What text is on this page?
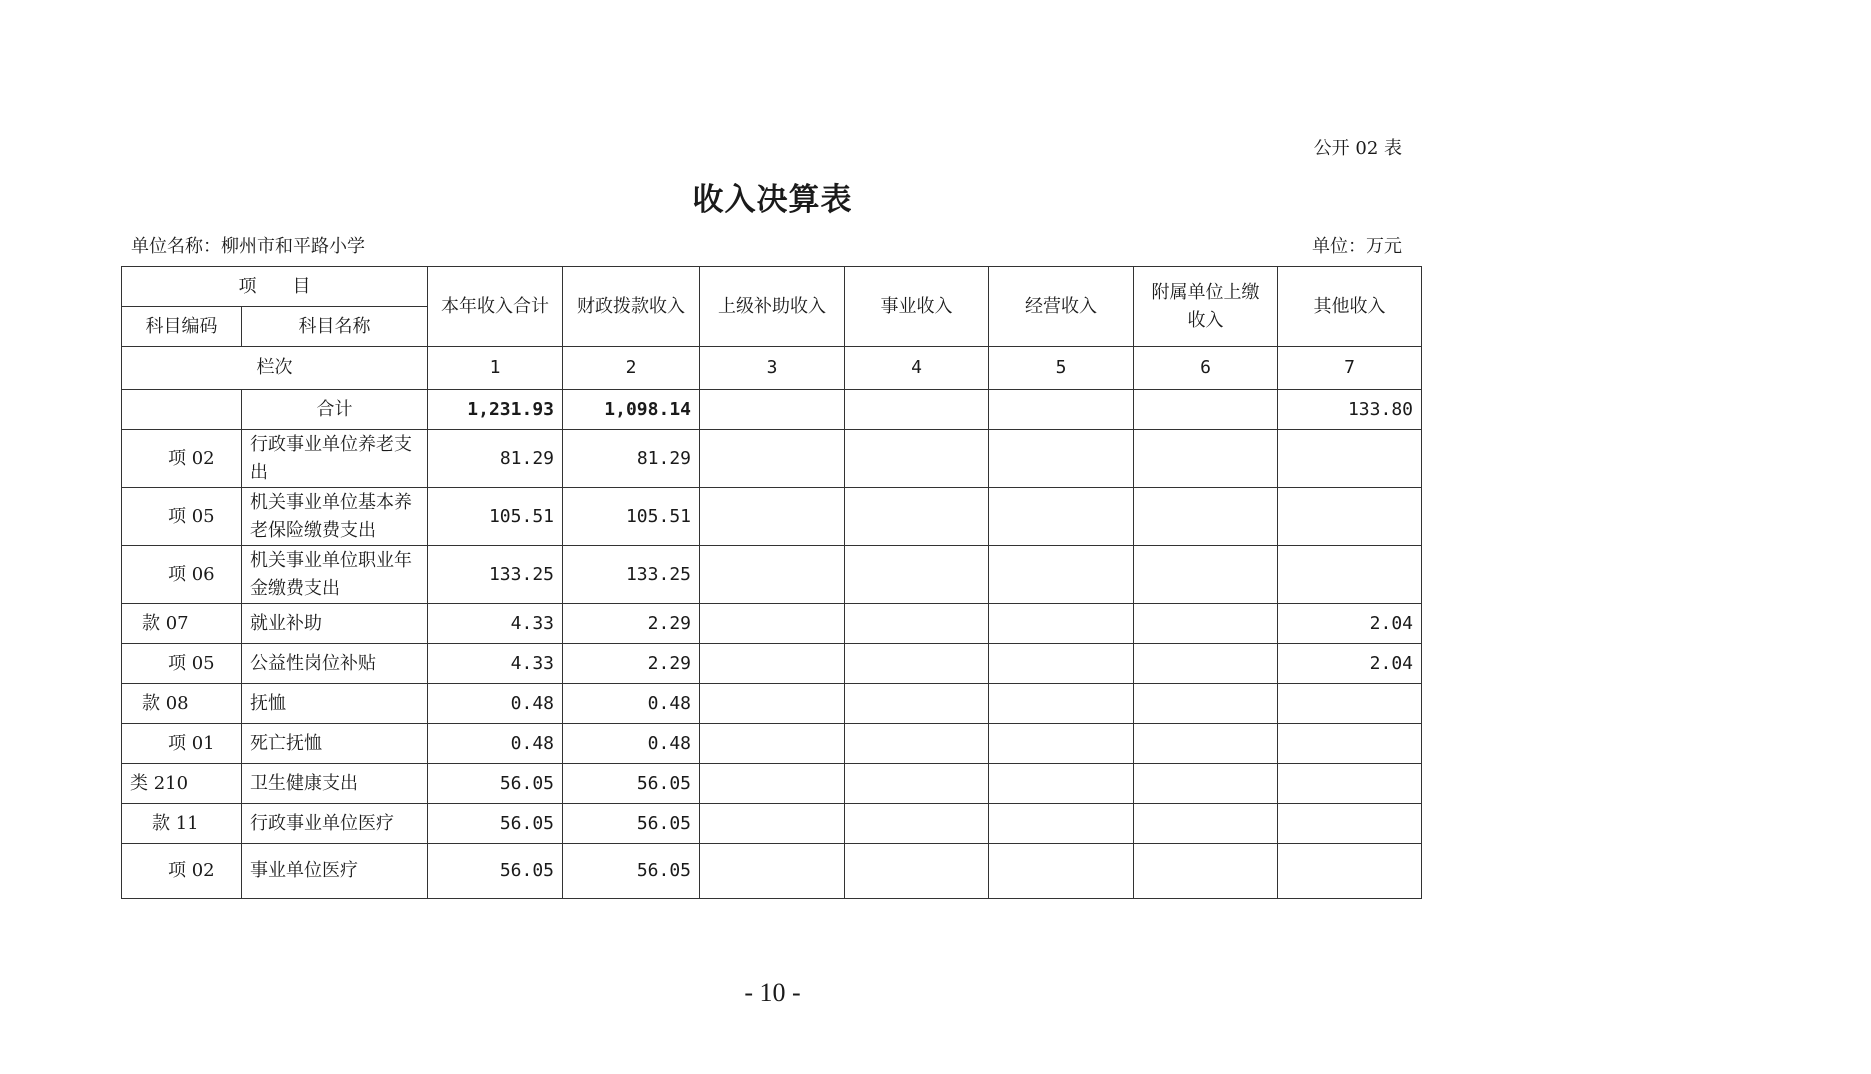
公开 02 表
收入决算表
单位名称：柳州市和平路小学	单位：万元
项　　目		本年收入合计	财政拨款收入	上级补助收入	事业收入	经营收入	附属单位上缴收入	其他收入
科目编码	科目名称							
栏次		1	2	3	4	5	6	7
	合计	1,231.93	1,098.14					133.80
项 02	行政事业单位养老支出	81.29	81.29					
项 05	机关事业单位基本养老保险缴费支出	105.51	105.51					
项 06	机关事业单位职业年金缴费支出	133.25	133.25					
款 07	就业补助	4.33	2.29					2.04
项 05	公益性岗位补贴	4.33	2.29					2.04
款 08	抚恤	0.48	0.48					
项 01	死亡抚恤	0.48	0.48					
类 210	卫生健康支出	56.05	56.05					
款 11	行政事业单位医疗	56.05	56.05					
项 02	事业单位医疗	56.05	56.05					
- 10 -
